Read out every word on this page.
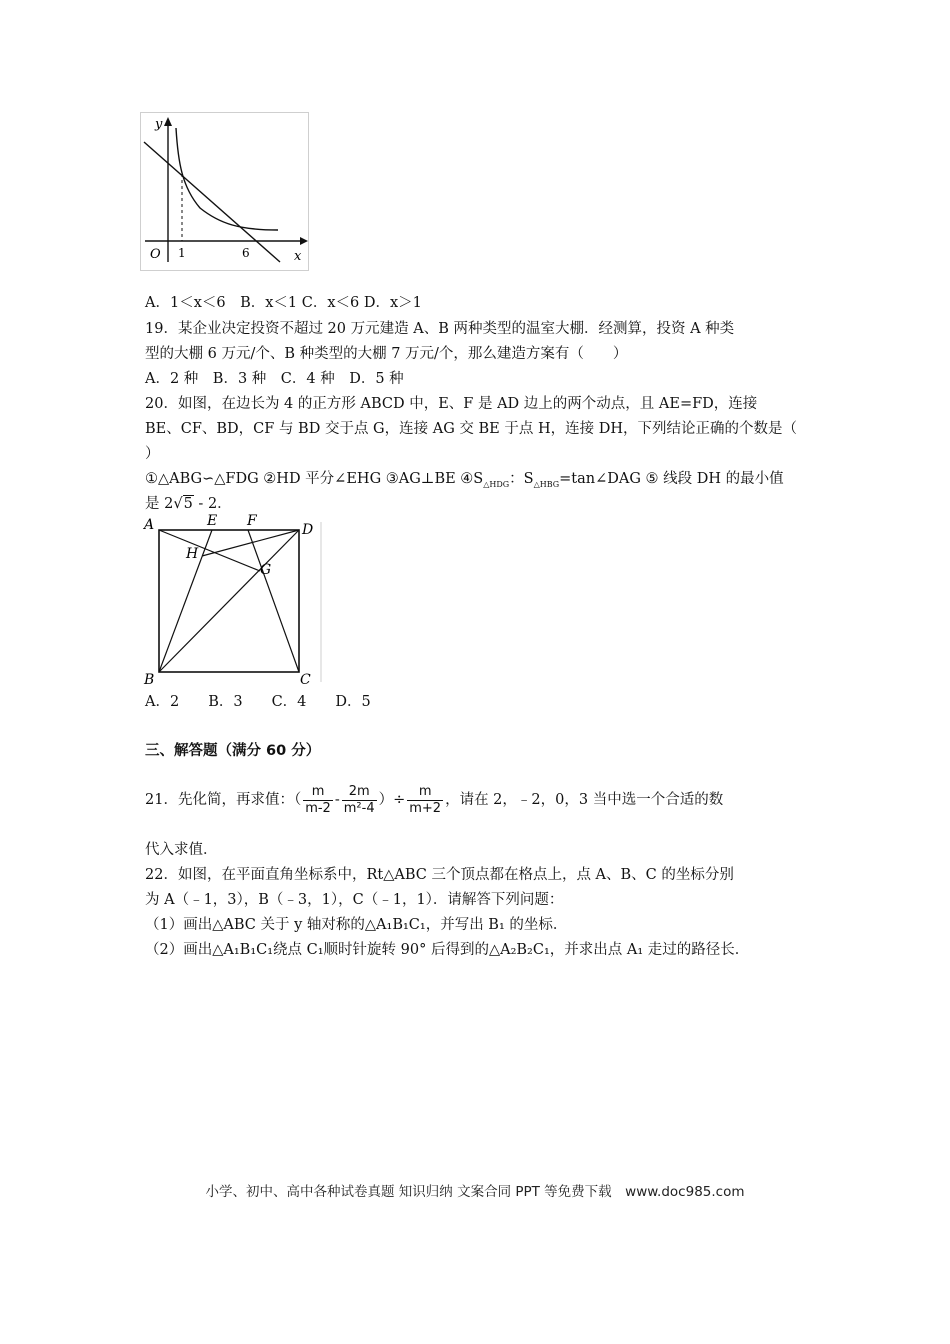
y
x
O 1	6
A．1＜x＜6　B．x＜1 C．x＜6 D．x＞1
19．某企业决定投资不超过 20 万元建造 A、B 两种类型的温室大棚．经测算，投资 A 种类
型的大棚 6 万元/个、B 种类型的大棚 7 万元/个，那么建造方案有（　　）
A．2 种　B．3 种　C．4 种　D．5 种
20．如图，在边长为 4 的正方形 ABCD 中，E、F 是 AD 边上的两个动点，且 AE=FD，连接
BE、CF、BD，CF 与 BD 交于点 G，连接 AG 交 BE 于点 H，连接 DH，下列结论正确的个数是（
）
①△ABG∽△FDG ②HD 平分∠EHG ③AG⊥BE $④S_{\triangle HDG}$：$S_{\triangle HBG}=\tan\angle DAG$ ⑤ 线段 DH 的最小值
是 2√5 - 2．
A	E F
D
H
G
B	C
A．2　　B．3　　C．4　　D．5
三、解答题（满分 60 分）
21．先化简，再求值：（ $\frac{m}{m-2} - \frac{2m}{\text{m²-4}}$ ）÷ $\frac{m}{m+2}$ ，请在 2，﹣2，0，3 当中选一个合适的数
代入求值．
22．如图，在平面直角坐标系中，Rt△ABC 三个顶点都在格点上，点 A、B、C 的坐标分别
为 A（﹣1，3），B（﹣3，1），C（﹣1，1）．请解答下列问题：
（1）画出△ABC 关于 y 轴对称的△A₁B₁C₁，并写出 B₁ 的坐标．
（2）画出△A₁B₁C₁绕点 C₁顺时针旋转 90° 后得到的△A₂B₂C₁，并求出点 A₁ 走过的路径长．
小学、初中、高中各种试卷真题 知识归纳 文案合同 PPT 等免费下载　www.doc985.com
